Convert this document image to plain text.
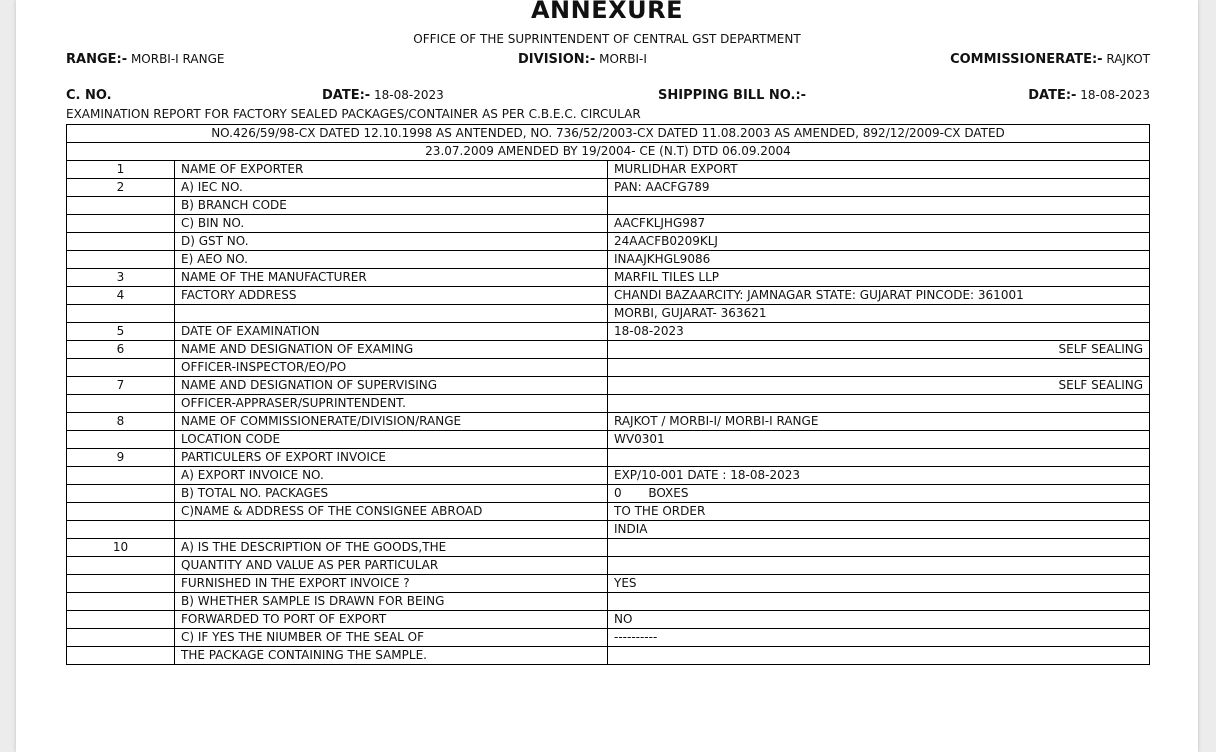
ANNEXURE
OFFICE OF THE SUPRINTENDENT OF CENTRAL GST DEPARTMENT
RANGE:- MORBI-I RANGE	DIVISION:- MORBI-I	COMMISSIONERATE:- RAJKOT
C. NO.	DATE:- 18-08-2023	SHIPPING BILL NO.:-	DATE:- 18-08-2023
EXAMINATION REPORT FOR FACTORY SEALED PACKAGES/CONTAINER AS PER C.B.E.C. CIRCULAR
NO.426/59/98-CX DATED 12.10.1998 AS ANTENDED, NO. 736/52/2003-CX DATED 11.08.2003 AS AMENDED, 892/12/2009-CX DATED		
23.07.2009 AMENDED BY 19/2004- CE (N.T) DTD 06.09.2004		
1	NAME OF EXPORTER	MURLIDHAR EXPORT
2	A) IEC NO.	PAN: AACFG789
	B) BRANCH CODE	
	C) BIN NO.	AACFKLJHG987
	D) GST NO.	24AACFB0209KLJ
	E) AEO NO.	INAAJKHGL9086
3	NAME OF THE MANUFACTURER	MARFIL TILES LLP
4	FACTORY ADDRESS	CHANDI BAZAARCITY: JAMNAGAR STATE: GUJARAT PINCODE: 361001
		MORBI, GUJARAT- 363621
5	DATE OF EXAMINATION	18-08-2023
6	NAME AND DESIGNATION OF EXAMING	SELF SEALING
	OFFICER-INSPECTOR/EO/PO	
7	NAME AND DESIGNATION OF SUPERVISING	SELF SEALING
	OFFICER-APPRASER/SUPRINTENDENT.	
8	NAME OF COMMISSIONERATE/DIVISION/RANGE	RAJKOT / MORBI-I/ MORBI-I RANGE
	LOCATION CODE	WV0301
9	PARTICULERS OF EXPORT INVOICE	
	A) EXPORT INVOICE NO.	EXP/10-001 DATE : 18-08-2023
	B) TOTAL NO. PACKAGES	0       BOXES
	C)NAME & ADDRESS OF THE CONSIGNEE ABROAD	TO THE ORDER
		INDIA
10	A) IS THE DESCRIPTION OF THE GOODS,THE	
	QUANTITY AND VALUE AS PER PARTICULAR	
	FURNISHED IN THE EXPORT INVOICE ?	YES
	B) WHETHER SAMPLE IS DRAWN FOR BEING	
	FORWARDED TO PORT OF EXPORT	NO
	C) IF YES THE NIUMBER OF THE SEAL OF	----------
	THE PACKAGE CONTAINING THE SAMPLE.	
